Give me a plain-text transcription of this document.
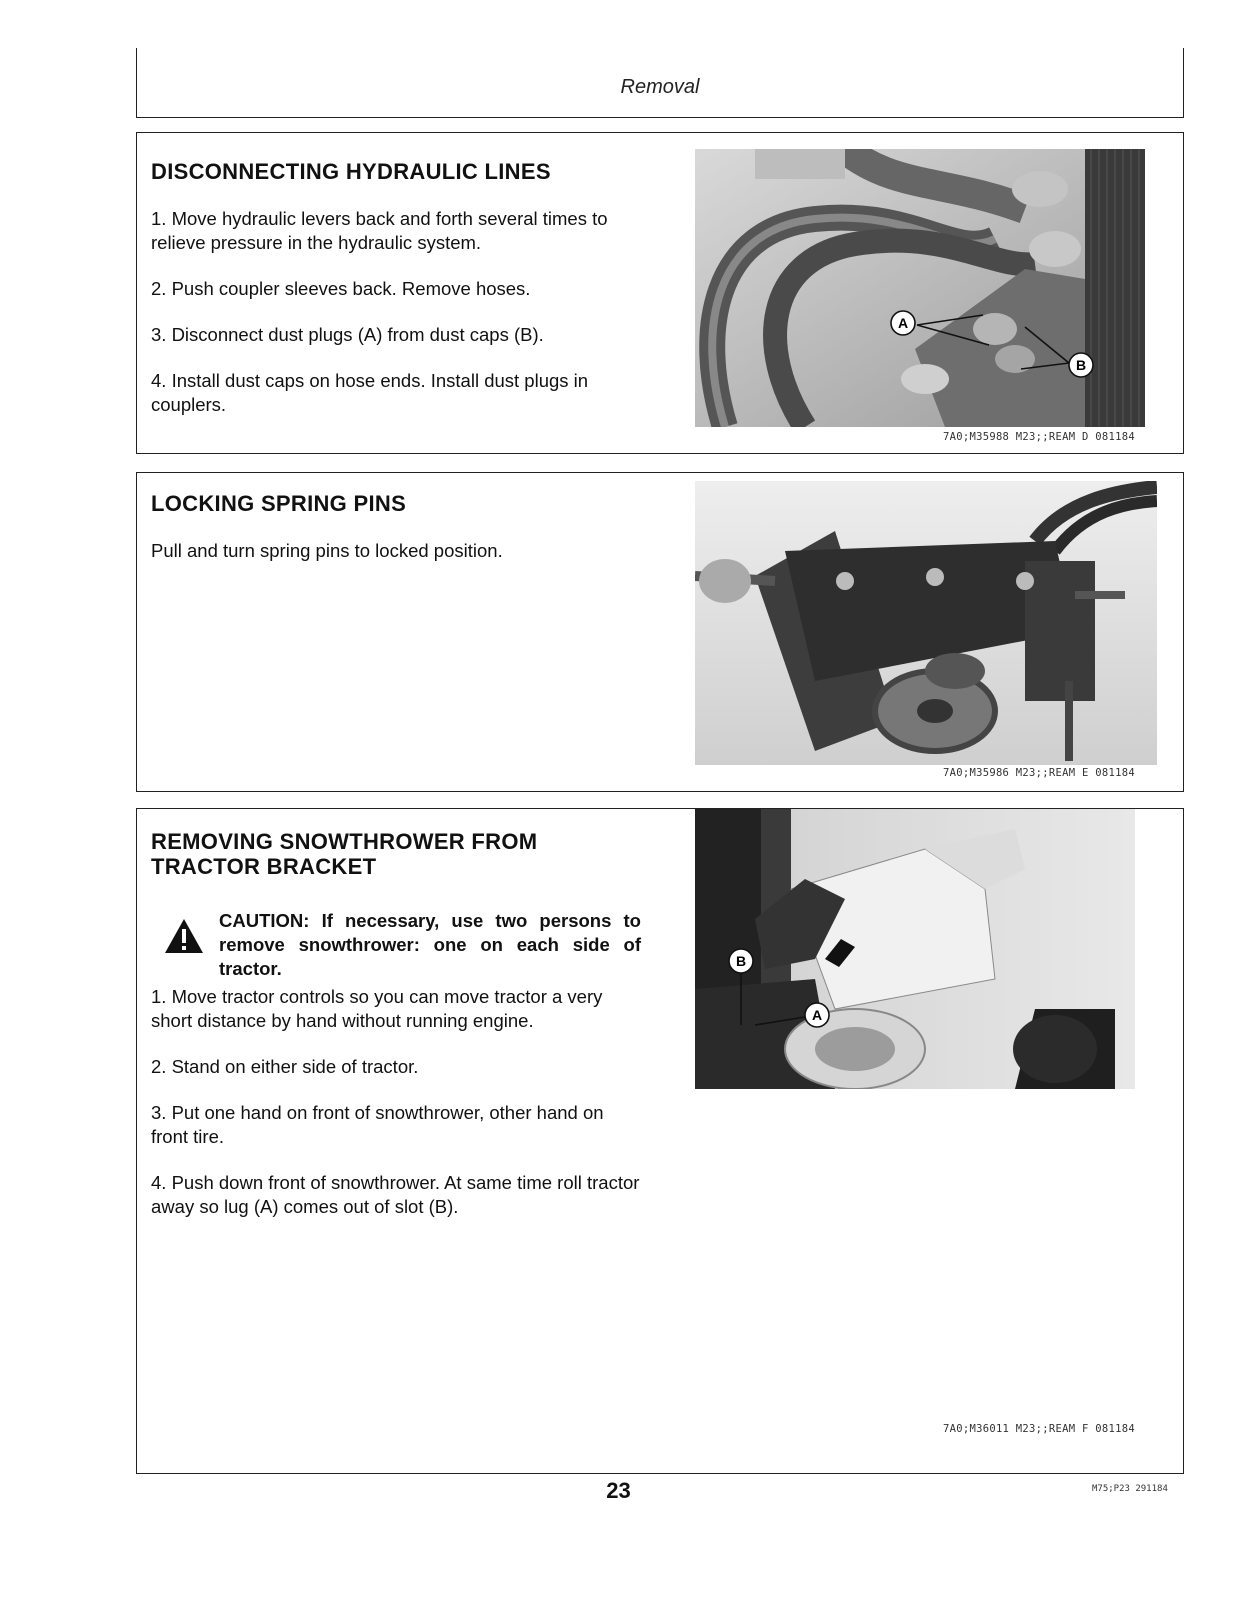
Removal
DISCONNECTING HYDRAULIC LINES

1. Move hydraulic levers back and forth several times to relieve pressure in the hydraulic system.

2. Push coupler sleeves back. Remove hoses.

3. Disconnect dust plugs (A) from dust caps (B).

4. Install dust caps on hose ends. Install dust plugs in couplers.

A
B
7A0;M35988 M23;;REAM D 081184
LOCKING SPRING PINS
Pull and turn spring pins to locked position.
7A0;M35986 M23;;REAM E 081184
REMOVING SNOWTHROWER FROM
TRACTOR BRACKET
CAUTION: If necessary, use two persons to remove snowthrower: one on each side of tractor.

1. Move tractor controls so you can move tractor a very short distance by hand without running engine.

2. Stand on either side of tractor.

3. Put one hand on front of snowthrower, other hand on front tire.

4. Push down front of snowthrower. At same time roll tractor away so lug (A) comes out of slot (B).

B
A
7A0;M36011 M23;;REAM F 081184
23	M75;P23 291184
